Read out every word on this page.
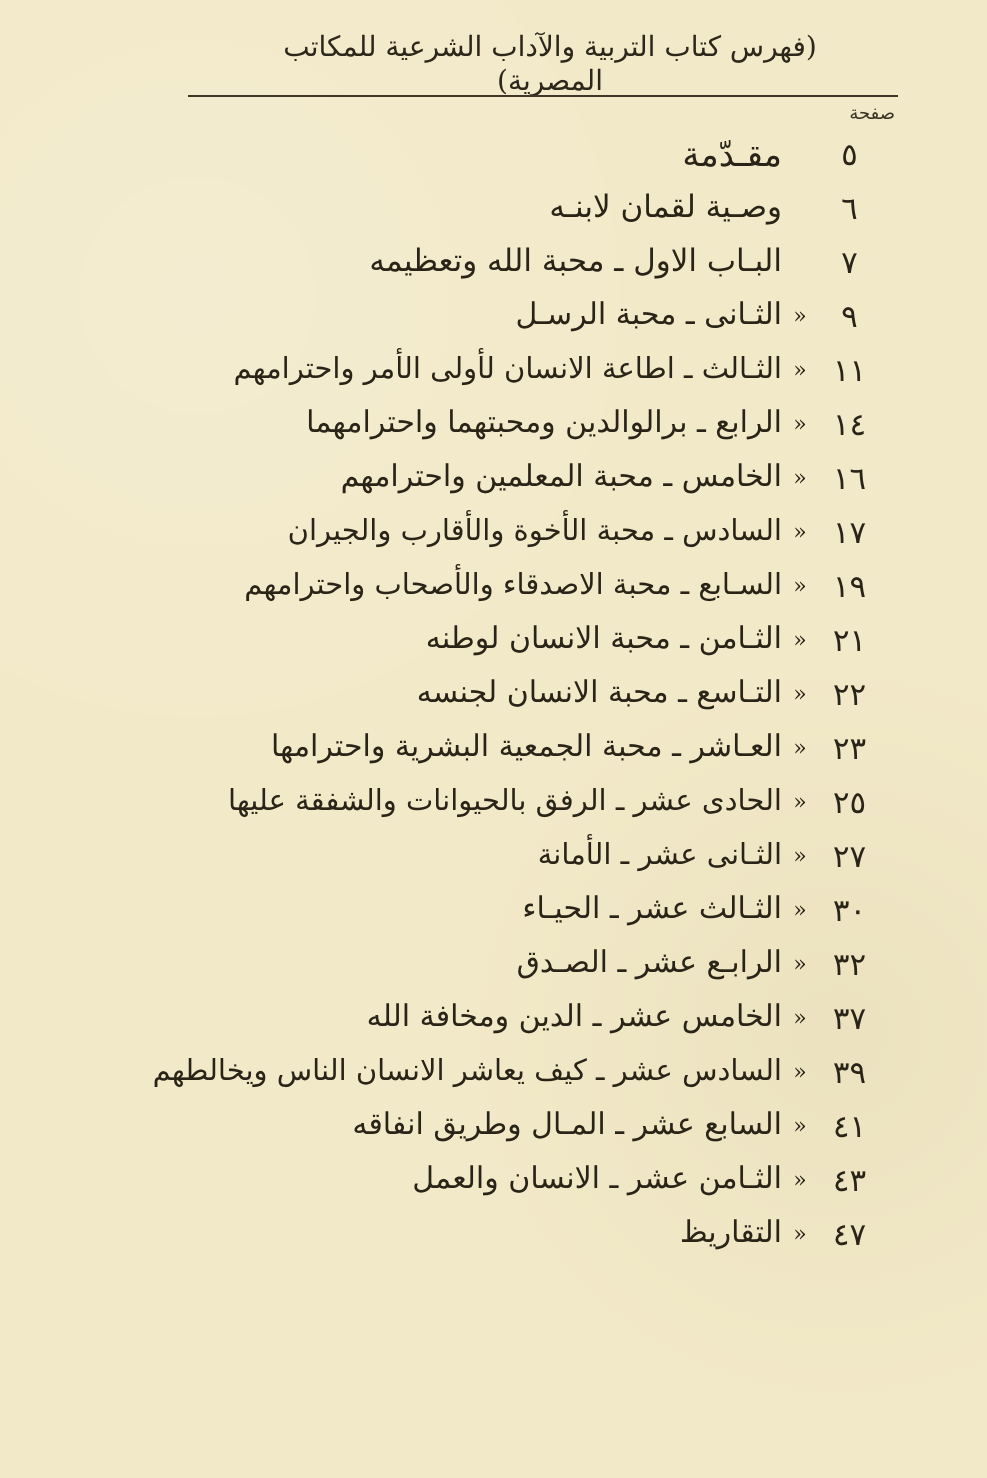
(فهرس كتاب التربية والآداب الشرعية للمكاتب المصرية)
صفحة
٥
مقـدّمة
٦
وصـية لقمان لابنـه
٧
البـاب الاول ـ محبة الله وتعظيمه
٩
«
الثـانى ـ محبة الرسـل
١١
«
الثـالث ـ اطاعة الانسان لأولى الأمر واحترامهم
١٤
«
الرابع ـ برالوالدين ومحبتهما واحترامهما
١٦
«
الخامس ـ محبة المعلمين واحترامهم
١٧
«
السادس ـ محبة الأخوة والأقارب والجيران
١٩
«
السـابع ـ محبة الاصدقاء والأصحاب واحترامهم
٢١
«
الثـامن ـ محبة الانسان لوطنه
٢٢
«
التـاسع ـ محبة الانسان لجنسه
٢٣
«
العـاشر ـ محبة الجمعية البشرية واحترامها
٢٥
«
الحادى عشر ـ الرفق بالحيوانات والشفقة عليها
٢٧
«
الثـانى عشر ـ الأمانة
٣٠
«
الثـالث عشر ـ الحيـاء
٣٢
«
الرابـع عشر ـ الصـدق
٣٧
«
الخامس عشر ـ الدين ومخافة الله
٣٩
«
السادس عشر ـ كيف يعاشر الانسان الناس ويخالطهم
٤١
«
السابع عشر ـ المـال وطريق انفاقه
٤٣
«
الثـامن عشر ـ الانسان والعمل
٤٧
«
التقاريظ
